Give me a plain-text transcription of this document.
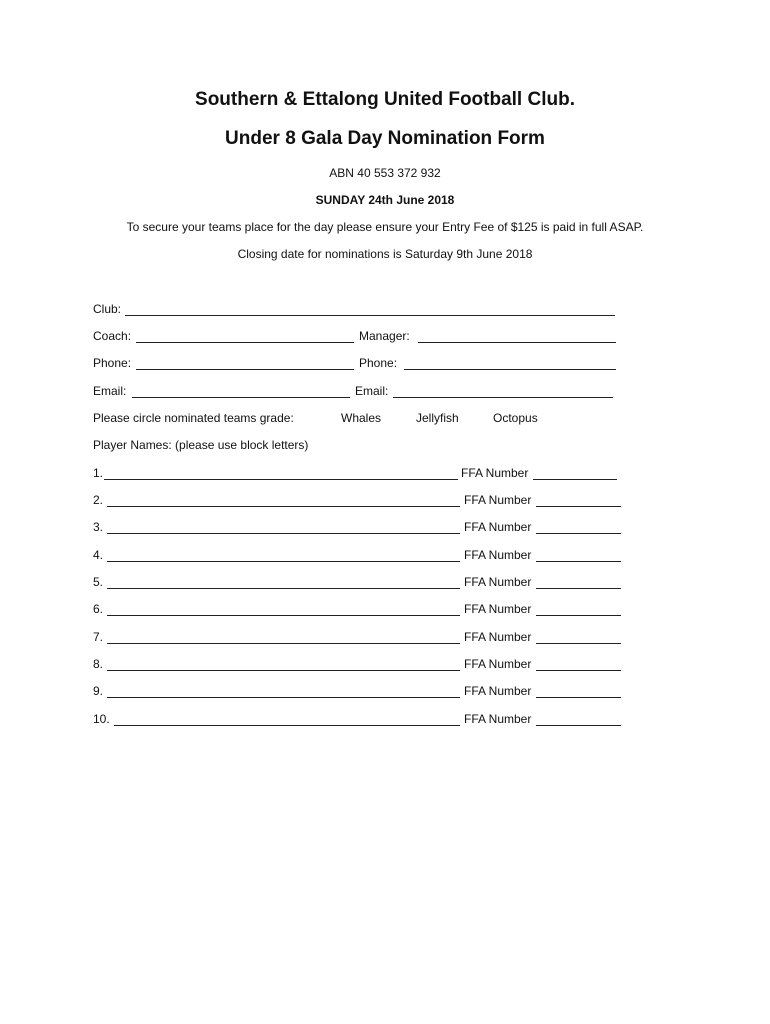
Southern & Ettalong United Football Club.
Under 8 Gala Day Nomination Form
ABN 40 553 372 932
SUNDAY 24th June 2018
To secure your teams place for the day please ensure your Entry Fee of $125 is paid in full ASAP.
Closing date for nominations is Saturday 9th June 2018
Club:
Coach:	Manager:
Phone:	Phone:
Email:	Email:
Please circle nominated teams grade:	Whales	Jellyfish	Octopus
Player Names: (please use block letters)
1.	FFA Number
2.	FFA Number
3.	FFA Number
4.	FFA Number
5.	FFA Number
6.	FFA Number
7.	FFA Number
8.	FFA Number
9.	FFA Number
10.	FFA Number
